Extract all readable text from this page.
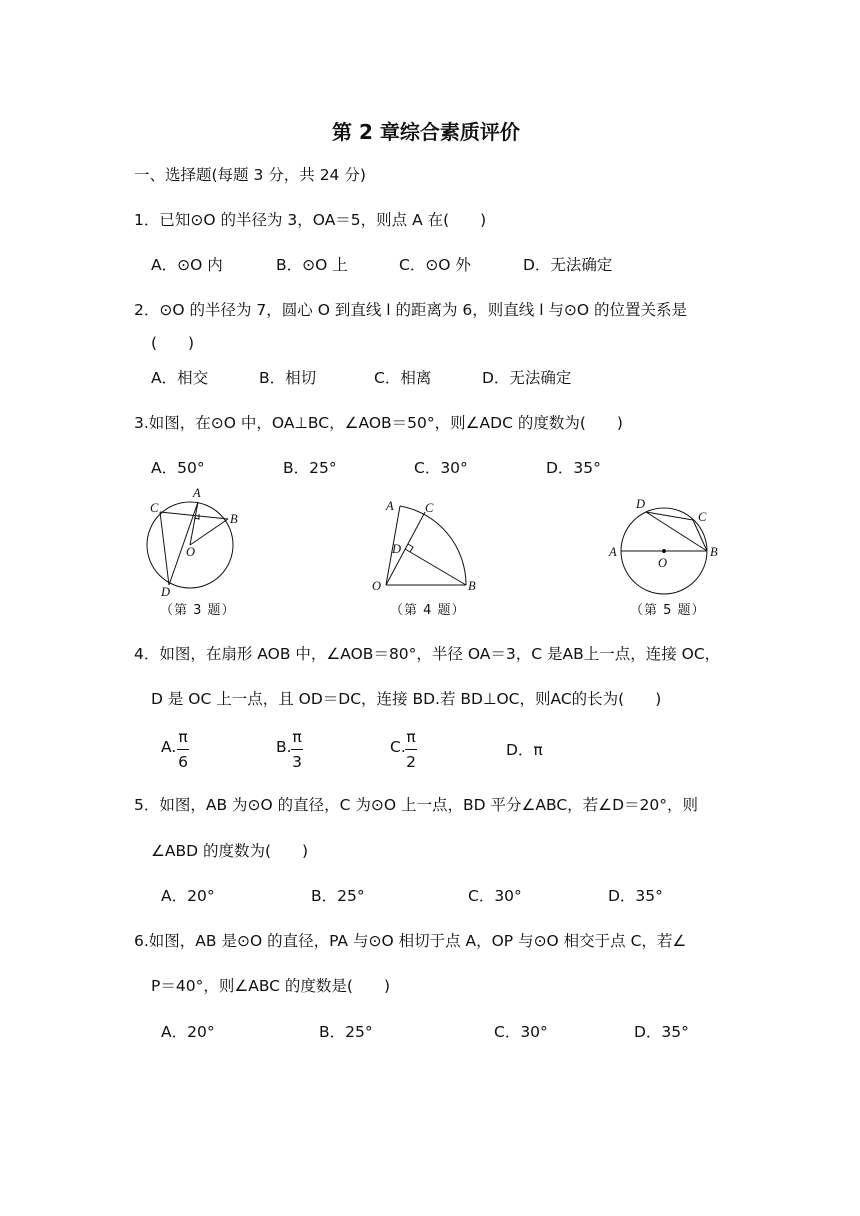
第 2 章综合素质评价
一、选择题(每题 3 分，共 24 分)
1．已知⊙O 的半径为 3，OA＝5，则点 A 在(　　)
A．⊙O 内	B．⊙O 上	C．⊙O 外	D．无法确定
2．⊙O 的半径为 7，圆心 O 到直线 l 的距离为 6，则直线 l 与⊙O 的位置关系是
(　　)
A．相交	B．相切	C．相离	D．无法确定
3.如图，在⊙O 中，OA⊥BC，∠AOB＝50°，则∠ADC 的度数为(　　)
A．50°	B．25°	C．30°	D．35°
C
A
B
O
D
（第 3 题）
A	C
D
O	B
（第 4 题）
D
C
A
O
B
（第 5 题）
4．如图，在扇形 AOB 中，∠AOB＝80°，半径 OA＝3，C 是AB上一点，连接 OC，
D 是 OC 上一点，且 OD＝DC，连接 BD.若 BD⊥OC，则AC的长为(　　)
A.
π
6
B.
π
3
C.
π
2
D．π
5．如图，AB 为⊙O 的直径，C 为⊙O 上一点，BD 平分∠ABC，若∠D＝20°，则
∠ABD 的度数为(　　)
A．20°	B．25°	C．30°	D．35°
6.如图，AB 是⊙O 的直径，PA 与⊙O 相切于点 A，OP 与⊙O 相交于点 C，若∠
P＝40°，则∠ABC 的度数是(　　)
A．20°	B．25°	C．30°	D．35°
